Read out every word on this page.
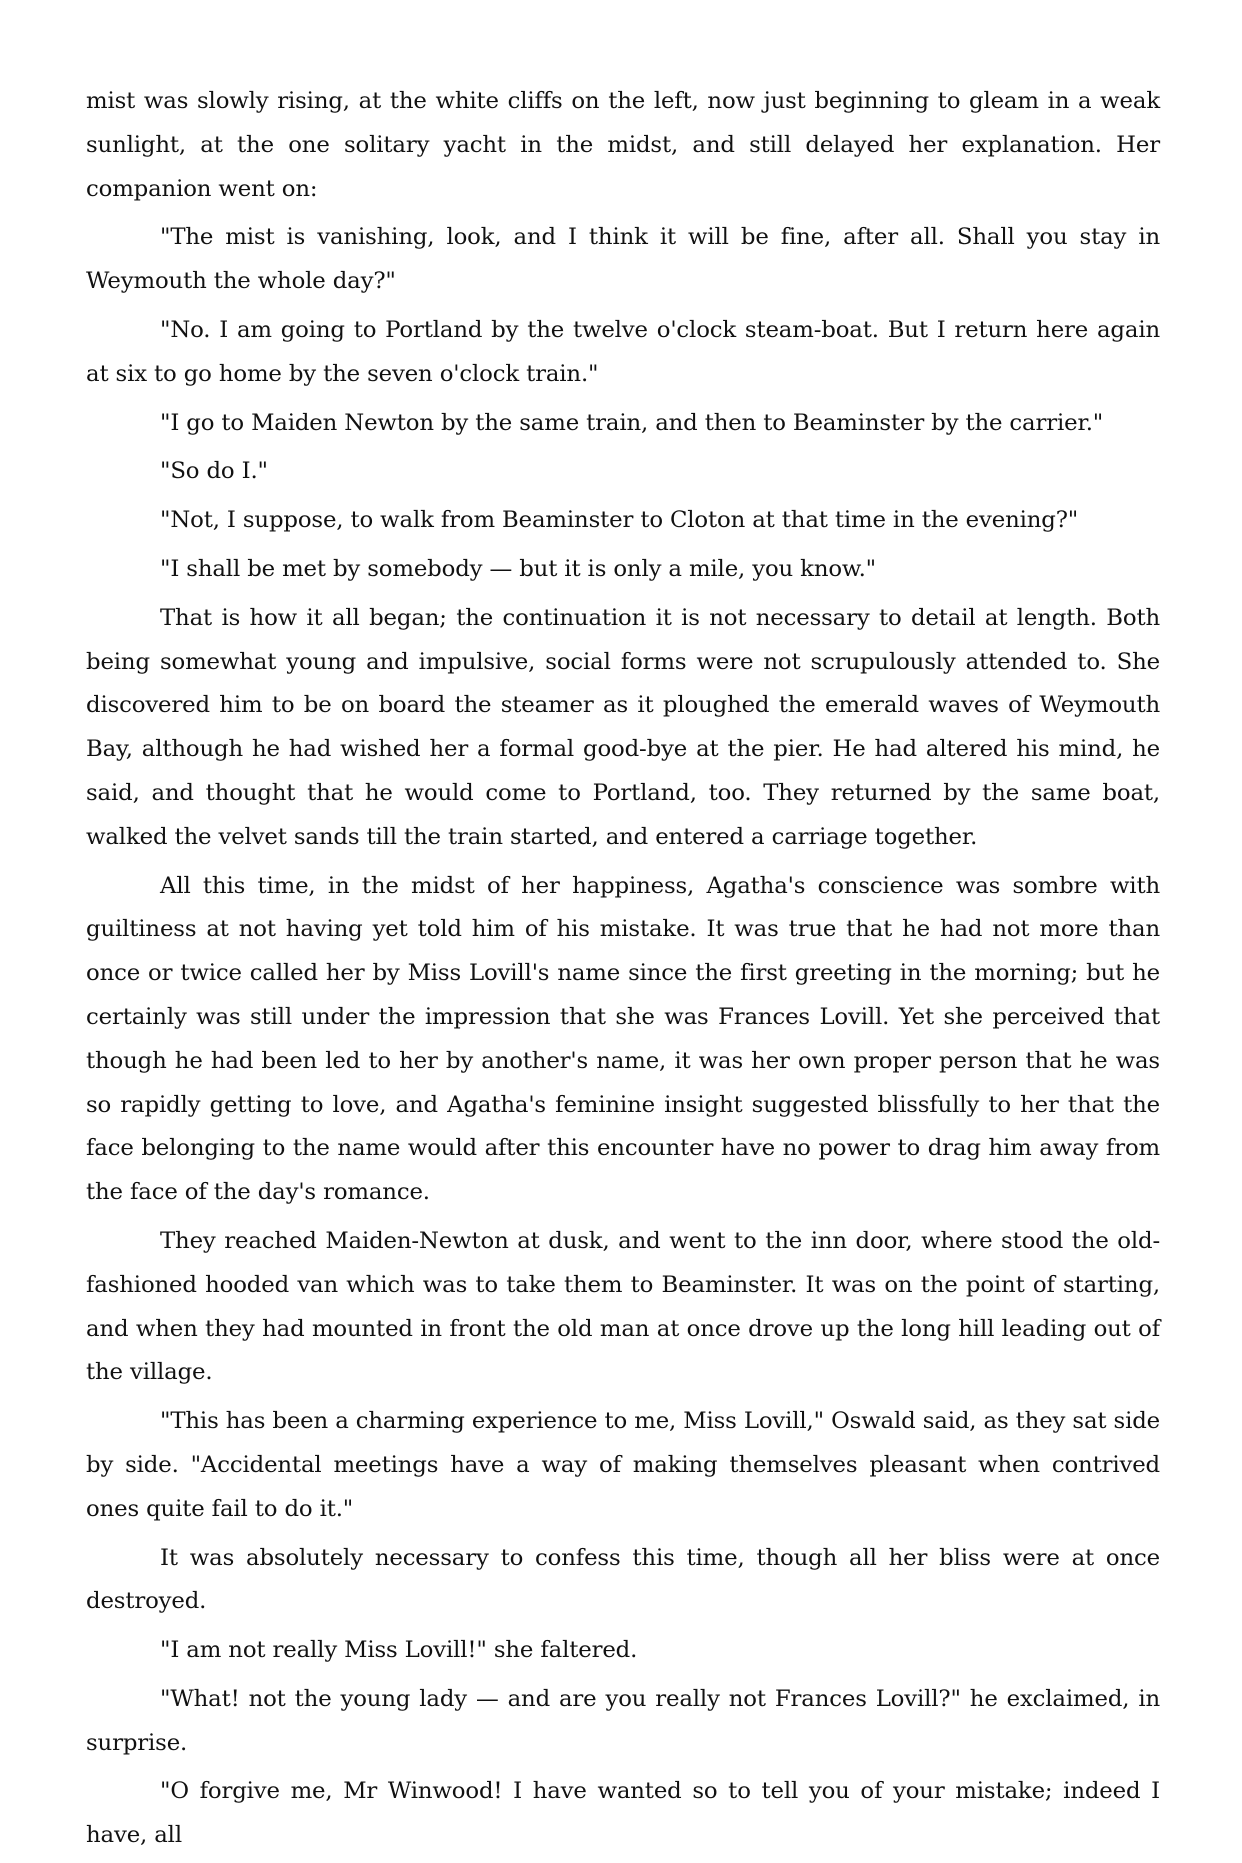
mist was slowly rising, at the white cliffs on the left, now just beginning to gleam in a weak sunlight, at the one solitary yacht in the midst, and still delayed her explanation. Her companion went on:

"The mist is vanishing, look, and I think it will be fine, after all. Shall you stay in Weymouth the whole day?"

"No. I am going to Portland by the twelve o'clock steam-boat. But I return here again at six to go home by the seven o'clock train."

"I go to Maiden Newton by the same train, and then to Beaminster by the carrier."

"So do I."

"Not, I suppose, to walk from Beaminster to Cloton at that time in the evening?"

"I shall be met by somebody — but it is only a mile, you know."

That is how it all began; the continuation it is not necessary to detail at length. Both being somewhat young and impulsive, social forms were not scrupulously attended to. She discovered him to be on board the steamer as it ploughed the emerald waves of Weymouth Bay, although he had wished her a formal good-bye at the pier. He had altered his mind, he said, and thought that he would come to Portland, too. They returned by the same boat, walked the velvet sands till the train started, and entered a carriage together.

All this time, in the midst of her happiness, Agatha's conscience was sombre with guiltiness at not having yet told him of his mistake. It was true that he had not more than once or twice called her by Miss Lovill's name since the first greeting in the morning; but he certainly was still under the impression that she was Frances Lovill. Yet she perceived that though he had been led to her by another's name, it was her own proper person that he was so rapidly getting to love, and Agatha's feminine insight suggested blissfully to her that the face belonging to the name would after this encounter have no power to drag him away from the face of the day's romance.

They reached Maiden-Newton at dusk, and went to the inn door, where stood the old-fashioned hooded van which was to take them to Beaminster. It was on the point of starting, and when they had mounted in front the old man at once drove up the long hill leading out of the village.

"This has been a charming experience to me, Miss Lovill," Oswald said, as they sat side by side. "Accidental meetings have a way of making themselves pleasant when contrived ones quite fail to do it."

It was absolutely necessary to confess this time, though all her bliss were at once destroyed.

"I am not really Miss Lovill!" she faltered.

"What! not the young lady — and are you really not Frances Lovill?" he exclaimed, in surprise.

"O forgive me, Mr Winwood! I have wanted so to tell you of your mistake; indeed I have, all
